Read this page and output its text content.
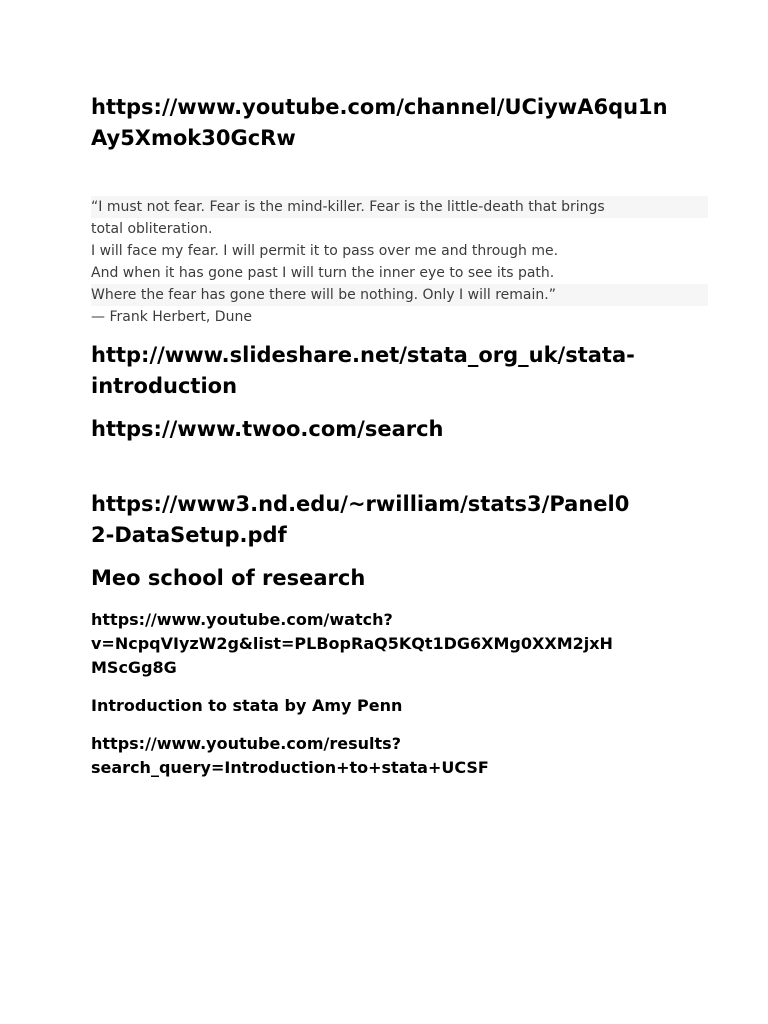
https://www.youtube.com/channel/UCiywA6qu1nAy5Xmok30GcRw

“I must not fear. Fear is the mind-killer. Fear is the little-death that brings
total obliteration.
I will face my fear. I will permit it to pass over me and through me.
And when it has gone past I will turn the inner eye to see its path.
Where the fear has gone there will be nothing. Only I will remain.”
— Frank Herbert, Dune

http://www.slideshare.net/stata_org_uk/stata-

introduction

https://www.twoo.com/search

https://www3.nd.edu/~rwilliam/stats3/Panel0

2-DataSetup.pdf

Meo school of research

https://www.youtube.com/watch?

v=NcpqVIyzW2g&list=PLBopRaQ5KQt1DG6XMg0XXM2jxH

MScGg8G

Introduction to stata by Amy Penn

https://www.youtube.com/results?

search_query=Introduction+to+stata+UCSF
